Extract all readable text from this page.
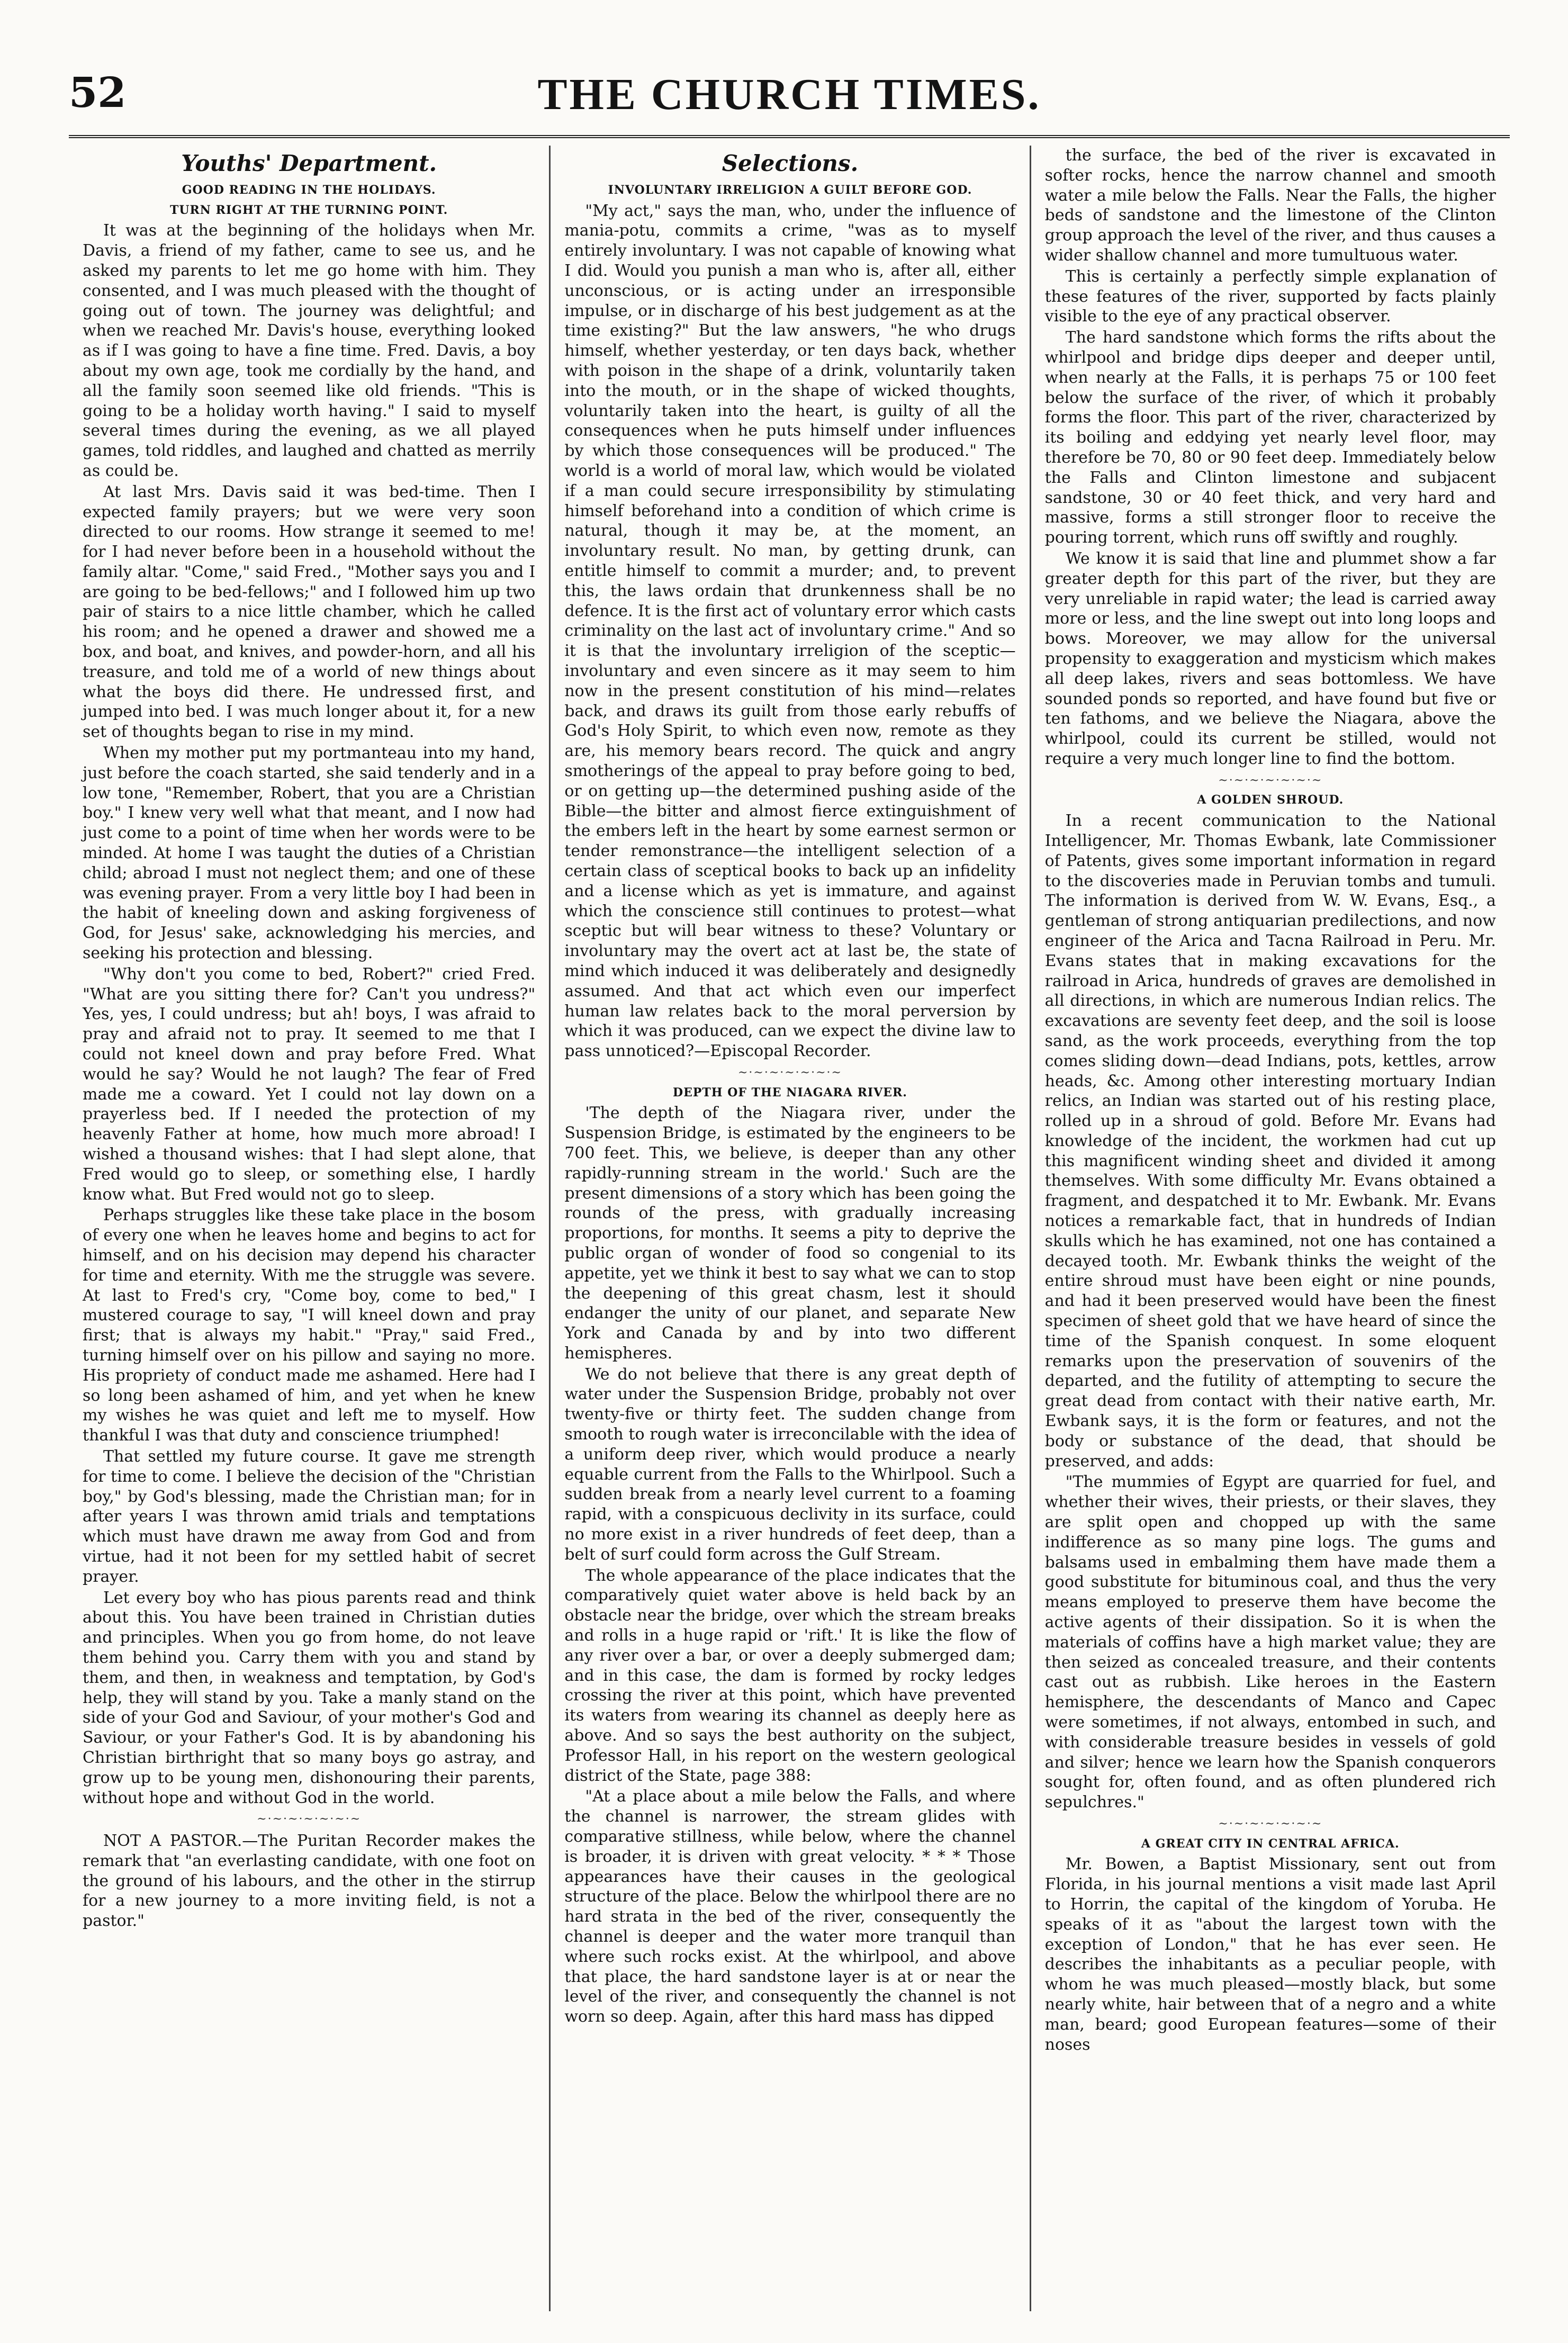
52	THE CHURCH TIMES.
Youths' Department.
GOOD READING IN THE HOLIDAYS.
TURN RIGHT AT THE TURNING POINT.

It was at the beginning of the holidays when Mr. Davis, a friend of my father, came to see us, and he asked my parents to let me go home with him. They consented, and I was much pleased with the thought of going out of town. The journey was delightful; and when we reached Mr. Davis's house, everything looked as if I was going to have a fine time. Fred. Davis, a boy about my own age, took me cordially by the hand, and all the family soon seemed like old friends. "This is going to be a holiday worth having." I said to myself several times during the evening, as we all played games, told riddles, and laughed and chatted as merrily as could be.

At last Mrs. Davis said it was bed-time. Then I expected family prayers; but we were very soon directed to our rooms. How strange it seemed to me! for I had never before been in a household without the family altar. "Come," said Fred., "Mother says you and I are going to be bed-fellows;" and I followed him up two pair of stairs to a nice little chamber, which he called his room; and he opened a drawer and showed me a box, and boat, and knives, and powder-horn, and all his treasure, and told me of a world of new things about what the boys did there. He undressed first, and jumped into bed. I was much longer about it, for a new set of thoughts began to rise in my mind.

When my mother put my portmanteau into my hand, just before the coach started, she said tenderly and in a low tone, "Remember, Robert, that you are a Christian boy." I knew very well what that meant, and I now had just come to a point of time when her words were to be minded. At home I was taught the duties of a Christian child; abroad I must not neglect them; and one of these was evening prayer. From a very little boy I had been in the habit of kneeling down and asking forgiveness of God, for Jesus' sake, acknowledging his mercies, and seeking his protection and blessing.

"Why don't you come to bed, Robert?" cried Fred. "What are you sitting there for? Can't you undress?" Yes, yes, I could undress; but ah! boys, I was afraid to pray and afraid not to pray. It seemed to me that I could not kneel down and pray before Fred. What would he say? Would he not laugh? The fear of Fred made me a coward. Yet I could not lay down on a prayerless bed. If I needed the protection of my heavenly Father at home, how much more abroad! I wished a thousand wishes: that I had slept alone, that Fred would go to sleep, or something else, I hardly know what. But Fred would not go to sleep.

Perhaps struggles like these take place in the bosom of every one when he leaves home and begins to act for himself, and on his decision may depend his character for time and eternity. With me the struggle was severe. At last to Fred's cry, "Come boy, come to bed," I mustered courage to say, "I will kneel down and pray first; that is always my habit." "Pray," said Fred., turning himself over on his pillow and saying no more. His propriety of conduct made me ashamed. Here had I so long been ashamed of him, and yet when he knew my wishes he was quiet and left me to myself. How thankful I was that duty and conscience triumphed!

That settled my future course. It gave me strength for time to come. I believe the decision of the "Christian boy," by God's blessing, made the Christian man; for in after years I was thrown amid trials and temptations which must have drawn me away from God and from virtue, had it not been for my settled habit of secret prayer.

Let every boy who has pious parents read and think about this. You have been trained in Christian duties and principles. When you go from home, do not leave them behind you. Carry them with you and stand by them, and then, in weakness and temptation, by God's help, they will stand by you. Take a manly stand on the side of your God and Saviour, of your mother's God and Saviour, or your Father's God. It is by abandoning his Christian birthright that so many boys go astray, and grow up to be young men, dishonouring their parents, without hope and without God in the world.

~·~·~·~·~·~·~

NOT A PASTOR.—The Puritan Recorder makes the remark that "an everlasting candidate, with one foot on the ground of his labours, and the other in the stirrup for a new journey to a more inviting field, is not a pastor."

Selections.
INVOLUNTARY IRRELIGION A GUILT BEFORE GOD.

"My act," says the man, who, under the influence of mania-potu, commits a crime, "was as to myself entirely involuntary. I was not capable of knowing what I did. Would you punish a man who is, after all, either unconscious, or is acting under an irresponsible impulse, or in discharge of his best judgement as at the time existing?" But the law answers, "he who drugs himself, whether yesterday, or ten days back, whether with poison in the shape of a drink, voluntarily taken into the mouth, or in the shape of wicked thoughts, voluntarily taken into the heart, is guilty of all the consequences when he puts himself under influences by which those consequences will be produced." The world is a world of moral law, which would be violated if a man could secure irresponsibility by stimulating himself beforehand into a condition of which crime is natural, though it may be, at the moment, an involuntary result. No man, by getting drunk, can entitle himself to commit a murder; and, to prevent this, the laws ordain that drunkenness shall be no defence. It is the first act of voluntary error which casts criminality on the last act of involuntary crime." And so it is that the involuntary irreligion of the sceptic—involuntary and even sincere as it may seem to him now in the present constitution of his mind—relates back, and draws its guilt from those early rebuffs of God's Holy Spirit, to which even now, remote as they are, his memory bears record. The quick and angry smotherings of the appeal to pray before going to bed, or on getting up—the determined pushing aside of the Bible—the bitter and almost fierce extinguishment of the embers left in the heart by some earnest sermon or tender remonstrance—the intelligent selection of a certain class of sceptical books to back up an infidelity and a license which as yet is immature, and against which the conscience still continues to protest—what sceptic but will bear witness to these? Voluntary or involuntary may the overt act at last be, the state of mind which induced it was deliberately and designedly assumed. And that act which even our imperfect human law relates back to the moral perversion by which it was produced, can we expect the divine law to pass unnoticed?—Episcopal Recorder.

~·~·~·~·~·~·~
DEPTH OF THE NIAGARA RIVER.

'The depth of the Niagara river, under the Suspension Bridge, is estimated by the engineers to be 700 feet. This, we believe, is deeper than any other rapidly-running stream in the world.' Such are the present dimensions of a story which has been going the rounds of the press, with gradually increasing proportions, for months. It seems a pity to deprive the public organ of wonder of food so congenial to its appetite, yet we think it best to say what we can to stop the deepening of this great chasm, lest it should endanger the unity of our planet, and separate New York and Canada by and by into two different hemispheres.

We do not believe that there is any great depth of water under the Suspension Bridge, probably not over twenty-five or thirty feet. The sudden change from smooth to rough water is irreconcilable with the idea of a uniform deep river, which would produce a nearly equable current from the Falls to the Whirlpool. Such a sudden break from a nearly level current to a foaming rapid, with a conspicuous declivity in its surface, could no more exist in a river hundreds of feet deep, than a belt of surf could form across the Gulf Stream.

The whole appearance of the place indicates that the comparatively quiet water above is held back by an obstacle near the bridge, over which the stream breaks and rolls in a huge rapid or 'rift.' It is like the flow of any river over a bar, or over a deeply submerged dam; and in this case, the dam is formed by rocky ledges crossing the river at this point, which have prevented its waters from wearing its channel as deeply here as above. And so says the best authority on the subject, Professor Hall, in his report on the western geological district of the State, page 388:

"At a place about a mile below the Falls, and where the channel is narrower, the stream glides with comparative stillness, while below, where the channel is broader, it is driven with great velocity. * * * Those appearances have their causes in the geological structure of the place. Below the whirlpool there are no hard strata in the bed of the river, consequently the channel is deeper and the water more tranquil than where such rocks exist. At the whirlpool, and above that place, the hard sandstone layer is at or near the level of the river, and consequently the channel is not worn so deep. Again, after this hard mass has dipped

the surface, the bed of the river is excavated in softer rocks, hence the narrow channel and smooth water a mile below the Falls. Near the Falls, the higher beds of sandstone and the limestone of the Clinton group approach the level of the river, and thus causes a wider shallow channel and more tumultuous water.

This is certainly a perfectly simple explanation of these features of the river, supported by facts plainly visible to the eye of any practical observer.

The hard sandstone which forms the rifts about the whirlpool and bridge dips deeper and deeper until, when nearly at the Falls, it is perhaps 75 or 100 feet below the surface of the river, of which it probably forms the floor. This part of the river, characterized by its boiling and eddying yet nearly level floor, may therefore be 70, 80 or 90 feet deep. Immediately below the Falls and Clinton limestone and subjacent sandstone, 30 or 40 feet thick, and very hard and massive, forms a still stronger floor to receive the pouring torrent, which runs off swiftly and roughly.

We know it is said that line and plummet show a far greater depth for this part of the river, but they are very unreliable in rapid water; the lead is carried away more or less, and the line swept out into long loops and bows. Moreover, we may allow for the universal propensity to exaggeration and mysticism which makes all deep lakes, rivers and seas bottomless. We have sounded ponds so reported, and have found but five or ten fathoms, and we believe the Niagara, above the whirlpool, could its current be stilled, would not require a very much longer line to find the bottom.

~·~·~·~·~·~·~
A GOLDEN SHROUD.

In a recent communication to the National Intelligencer, Mr. Thomas Ewbank, late Commissioner of Patents, gives some important information in regard to the discoveries made in Peruvian tombs and tumuli. The information is derived from W. W. Evans, Esq., a gentleman of strong antiquarian predilections, and now engineer of the Arica and Tacna Railroad in Peru. Mr. Evans states that in making excavations for the railroad in Arica, hundreds of graves are demolished in all directions, in which are numerous Indian relics. The excavations are seventy feet deep, and the soil is loose sand, as the work proceeds, everything from the top comes sliding down—dead Indians, pots, kettles, arrow heads, &c. Among other interesting mortuary Indian relics, an Indian was started out of his resting place, rolled up in a shroud of gold. Before Mr. Evans had knowledge of the incident, the workmen had cut up this magnificent winding sheet and divided it among themselves. With some difficulty Mr. Evans obtained a fragment, and despatched it to Mr. Ewbank. Mr. Evans notices a remarkable fact, that in hundreds of Indian skulls which he has examined, not one has contained a decayed tooth. Mr. Ewbank thinks the weight of the entire shroud must have been eight or nine pounds, and had it been preserved would have been the finest specimen of sheet gold that we have heard of since the time of the Spanish conquest. In some eloquent remarks upon the preservation of souvenirs of the departed, and the futility of attempting to secure the great dead from contact with their native earth, Mr. Ewbank says, it is the form or features, and not the body or substance of the dead, that should be preserved, and adds:

"The mummies of Egypt are quarried for fuel, and whether their wives, their priests, or their slaves, they are split open and chopped up with the same indifference as so many pine logs. The gums and balsams used in embalming them have made them a good substitute for bituminous coal, and thus the very means employed to preserve them have become the active agents of their dissipation. So it is when the materials of coffins have a high market value; they are then seized as concealed treasure, and their contents cast out as rubbish. Like heroes in the Eastern hemisphere, the descendants of Manco and Capec were sometimes, if not always, entombed in such, and with considerable treasure besides in vessels of gold and silver; hence we learn how the Spanish conquerors sought for, often found, and as often plundered rich sepulchres."

~·~·~·~·~·~·~
A GREAT CITY IN CENTRAL AFRICA.

Mr. Bowen, a Baptist Missionary, sent out from Florida, in his journal mentions a visit made last April to Horrin, the capital of the kingdom of Yoruba. He speaks of it as "about the largest town with the exception of London," that he has ever seen. He describes the inhabitants as a peculiar people, with whom he was much pleased—mostly black, but some nearly white, hair between that of a negro and a white man, beard; good European features—some of their noses
